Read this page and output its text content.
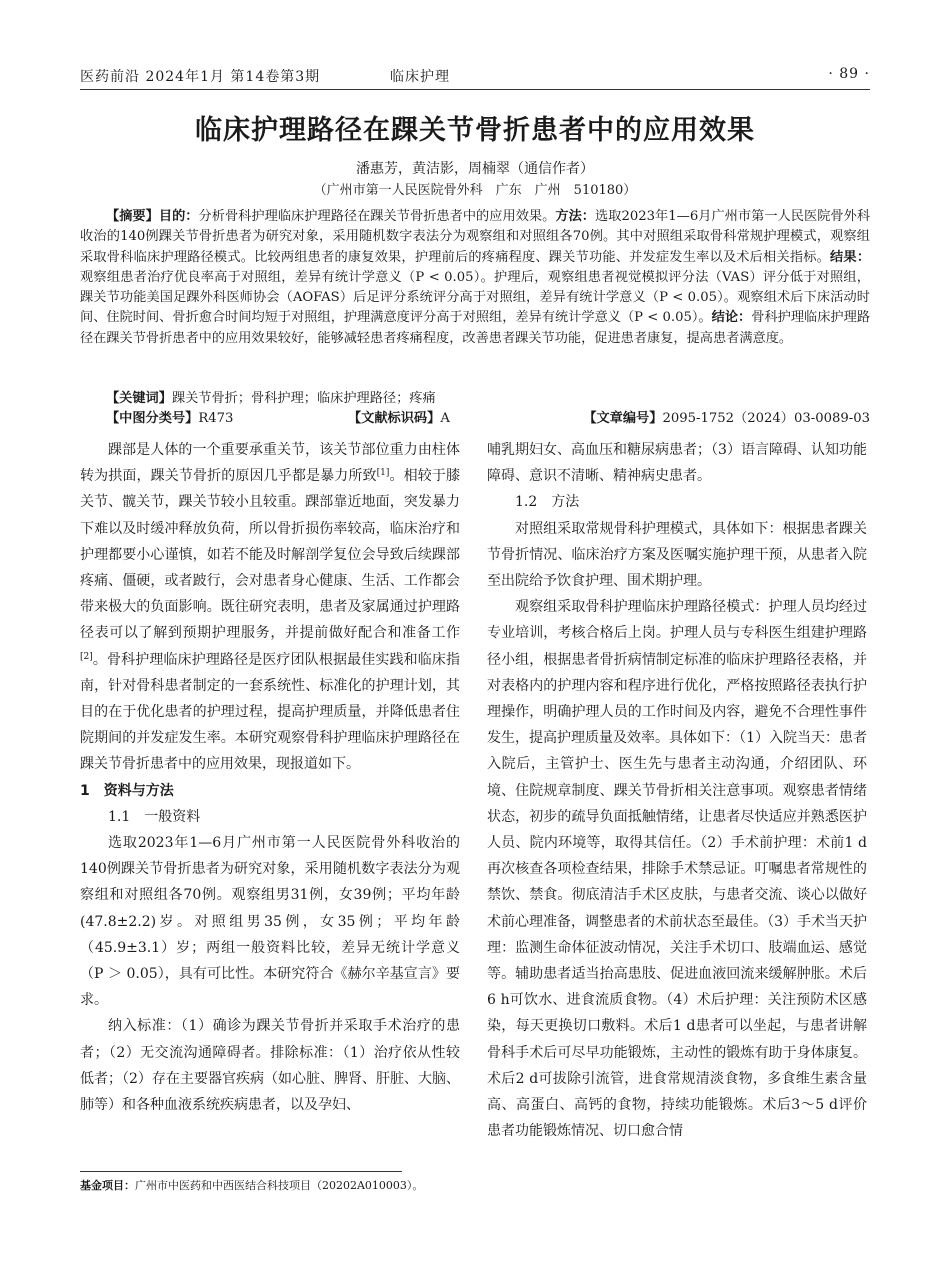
医药前沿 2024年1月 第14卷第3期	临床护理	· 89 ·
临床护理路径在踝关节骨折患者中的应用效果
潘惠芳，黄洁影，周楠翠（通信作者）
（广州市第一人民医院骨外科　广东　广州　510180）
【摘要】目的：分析骨科护理临床护理路径在踝关节骨折患者中的应用效果。方法：选取2023年1—6月广州市第一人民医院骨外科收治的140例踝关节骨折患者为研究对象，采用随机数字表法分为观察组和对照组各70例。其中对照组采取骨科常规护理模式，观察组采取骨科临床护理路径模式。比较两组患者的康复效果，护理前后的疼痛程度、踝关节功能、并发症发生率以及术后相关指标。结果：观察组患者治疗优良率高于对照组，差异有统计学意义（P < 0.05）。护理后，观察组患者视觉模拟评分法（VAS）评分低于对照组，踝关节功能美国足踝外科医师协会（AOFAS）后足评分系统评分高于对照组，差异有统计学意义（P < 0.05）。观察组术后下床活动时间、住院时间、骨折愈合时间均短于对照组，护理满意度评分高于对照组，差异有统计学意义（P < 0.05）。结论：骨科护理临床护理路径在踝关节骨折患者中的应用效果较好，能够减轻患者疼痛程度，改善患者踝关节功能，促进患者康复，提高患者满意度。
【关键词】踝关节骨折；骨科护理；临床护理路径；疼痛
【中图分类号】R473	【文献标识码】A	【文章编号】2095-1752（2024）03-0089-03

踝部是人体的一个重要承重关节，该关节部位重力由柱体转为拱面，踝关节骨折的原因几乎都是暴力所致[1]。相较于膝关节、髋关节，踝关节较小且较重。踝部靠近地面，突发暴力下难以及时缓冲释放负荷，所以骨折损伤率较高，临床治疗和护理都要小心谨慎，如若不能及时解剖学复位会导致后续踝部疼痛、僵硬，或者跛行，会对患者身心健康、生活、工作都会带来极大的负面影响。既往研究表明，患者及家属通过护理路径表可以了解到预期护理服务，并提前做好配合和准备工作[2]。骨科护理临床护理路径是医疗团队根据最佳实践和临床指南，针对骨科患者制定的一套系统性、标准化的护理计划，其目的在于优化患者的护理过程，提高护理质量，并降低患者住院期间的并发症发生率。本研究观察骨科护理临床护理路径在踝关节骨折患者中的应用效果，现报道如下。

1　资料与方法

1.1　一般资料

选取2023年1—6月广州市第一人民医院骨外科收治的140例踝关节骨折患者为研究对象，采用随机数字表法分为观察组和对照组各70例。观察组男31例，女39例；平均年龄(47.8±2.2)岁。对照组男35例，女35例；平均年龄（45.9±3.1）岁；两组一般资料比较，差异无统计学意义（P ＞ 0.05），具有可比性。本研究符合《赫尔辛基宣言》要求。

纳入标准：（1）确诊为踝关节骨折并采取手术治疗的患者；（2）无交流沟通障碍者。排除标准：（1）治疗依从性较低者；（2）存在主要器官疾病（如心脏、脾肾、肝脏、大脑、肺等）和各种血液系统疾病患者，以及孕妇、

哺乳期妇女、高血压和糖尿病患者；（3）语言障碍、认知功能障碍、意识不清晰、精神病史患者。

1.2　方法

对照组采取常规骨科护理模式，具体如下：根据患者踝关节骨折情况、临床治疗方案及医嘱实施护理干预，从患者入院至出院给予饮食护理、围术期护理。

观察组采取骨科护理临床护理路径模式：护理人员均经过专业培训，考核合格后上岗。护理人员与专科医生组建护理路径小组，根据患者骨折病情制定标准的临床护理路径表格，并对表格内的护理内容和程序进行优化，严格按照路径表执行护理操作，明确护理人员的工作时间及内容，避免不合理性事件发生，提高护理质量及效率。具体如下：（1）入院当天：患者入院后，主管护士、医生先与患者主动沟通，介绍团队、环境、住院规章制度、踝关节骨折相关注意事项。观察患者情绪状态，初步的疏导负面抵触情绪，让患者尽快适应并熟悉医护人员、院内环境等，取得其信任。（2）手术前护理：术前1 d再次核查各项检查结果，排除手术禁忌证。叮嘱患者常规性的禁饮、禁食。彻底清洁手术区皮肤，与患者交流、谈心以做好术前心理准备，调整患者的术前状态至最佳。（3）手术当天护理：监测生命体征波动情况，关注手术切口、肢端血运、感觉等。辅助患者适当抬高患肢、促进血液回流来缓解肿胀。术后6 h可饮水、进食流质食物。（4）术后护理：关注预防术区感染，每天更换切口敷料。术后1 d患者可以坐起，与患者讲解骨科手术后可尽早功能锻炼，主动性的锻炼有助于身体康复。术后2 d可拔除引流管，进食常规清淡食物，多食维生素含量高、高蛋白、高钙的食物，持续功能锻炼。术后3～5 d评价患者功能锻炼情况、切口愈合情

基金项目：广州市中医药和中西医结合科技项目（20202A010003）。
